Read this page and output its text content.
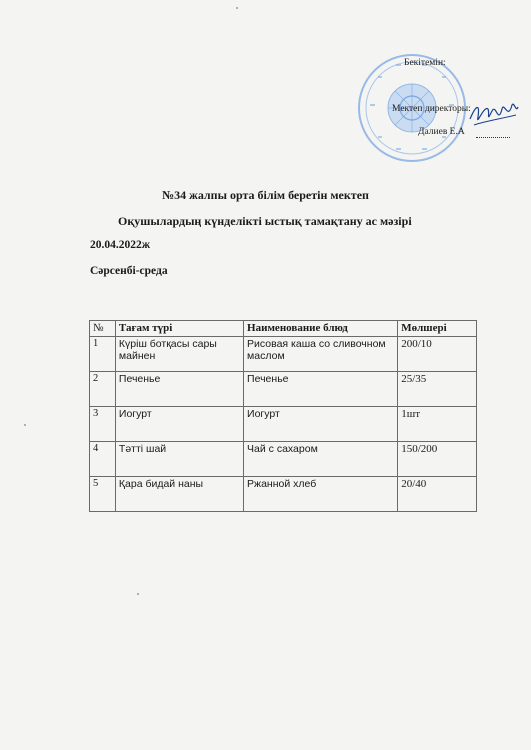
Бекітемін:
Мектеп директоры:
Далиев Е.А
№34 жалпы орта білім беретін мектеп
Оқушылардың күнделікті ыстық тамақтану ас мәзірі
20.04.2022ж
Сәрсенбі-среда
№	Тағам түрі	Наименование блюд	Мөлшері
1	Күріш ботқасы сары майнен	Рисовая каша со сливочном маслом	200/10
2	Печенье	Печенье	25/35
3	Иогурт	Иогурт	1шт
4	Тәтті шай	Чай с сахаром	150/200
5	Қара бидай наны	Ржанной хлеб	20/40
